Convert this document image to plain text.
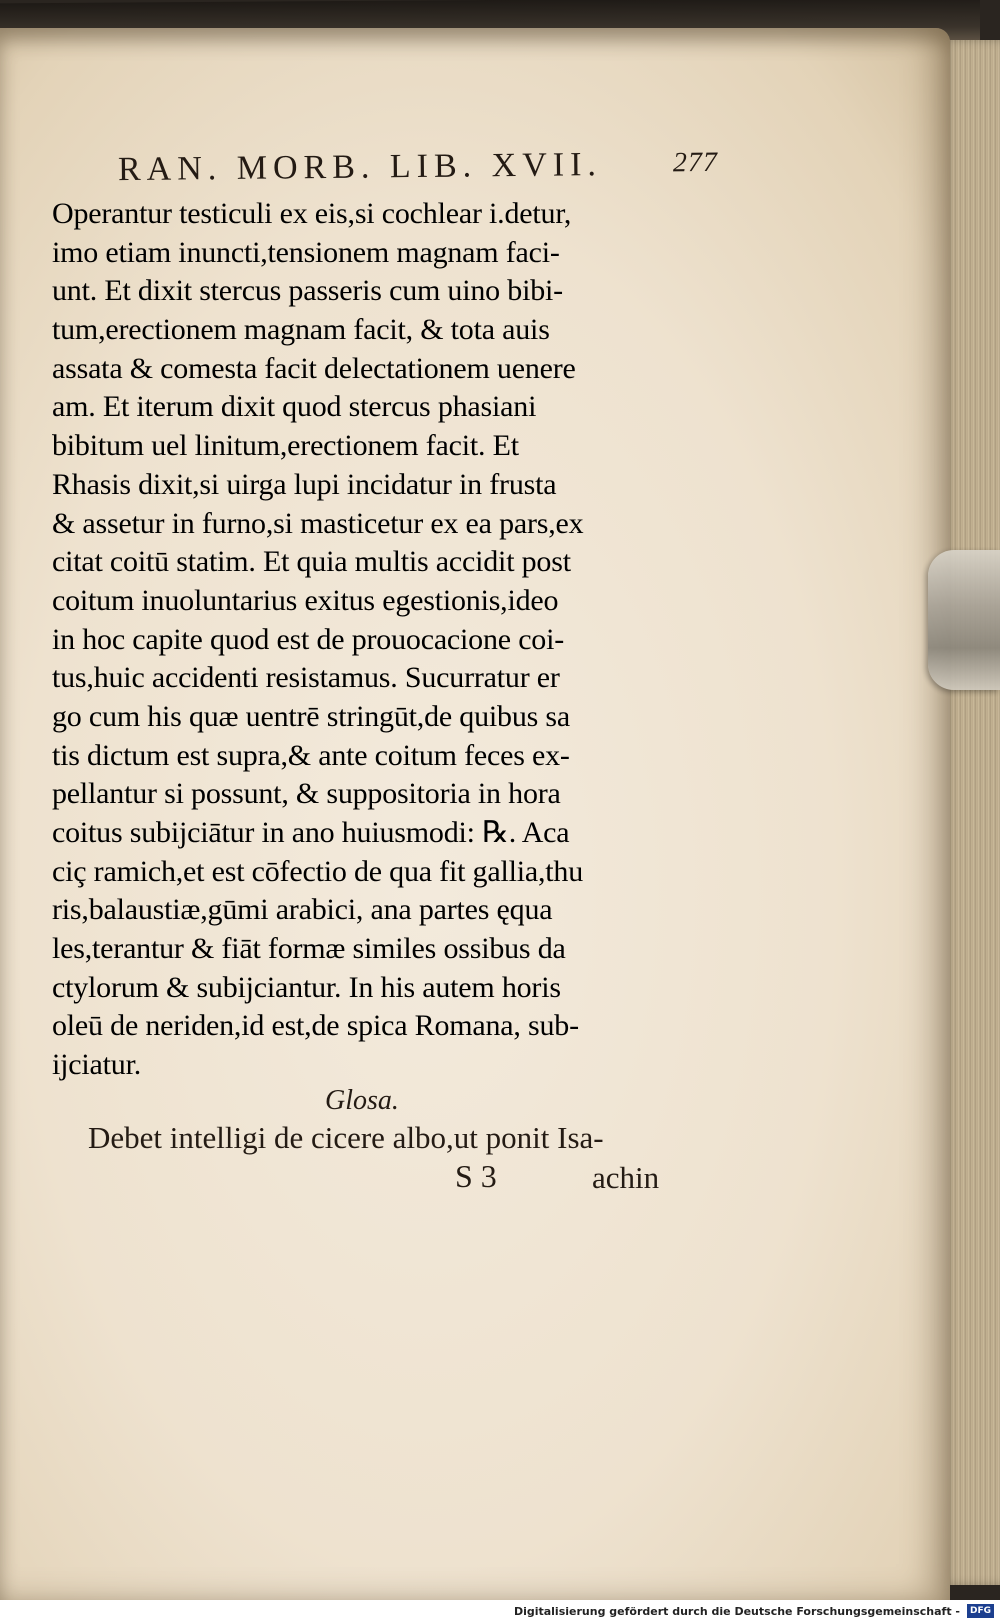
RAN. MORB. LIB. XVII.	277
Operantur testiculi ex eis,si cochlear i.detur,
imo etiam inuncti,tensionem magnam faci-
unt. Et dixit stercus passeris cum uino bibi-
tum,erectionem magnam facit, & tota auis
assata & comesta facit delectationem uenere
am. Et iterum dixit quod stercus phasiani
bibitum uel linitum,erectionem facit. Et
Rhasis dixit,si uirga lupi incidatur in frusta
& assetur in furno,si masticetur ex ea pars,ex
citat coitū statim. Et quia multis accidit post
coitum inuoluntarius exitus egestionis,ideo
in hoc capite quod est de prouocacione coi-
tus,huic accidenti resistamus. Sucurratur er
go cum his quæ uentrē stringūt,de quibus sa
tis dictum est supra,& ante coitum feces ex-
pellantur si possunt, & suppositoria in hora
coitus subijciātur in ano huiusmodi: ℞. Aca
ciç ramich,et est cōfectio de qua fit gallia,thu
ris,balaustiæ,gūmi arabici, ana partes ęqua
les,terantur & fiāt formæ similes ossibus da
ctylorum & subijciantur. In his autem horis
oleū de neriden,id est,de spica Romana, sub-
ijciatur.
Glosa.
Debet intelligi de cicere albo,ut ponit Isa-
S 3	achin
Digitalisierung gefördert durch die Deutsche Forschungsgemeinschaft -	DFG
